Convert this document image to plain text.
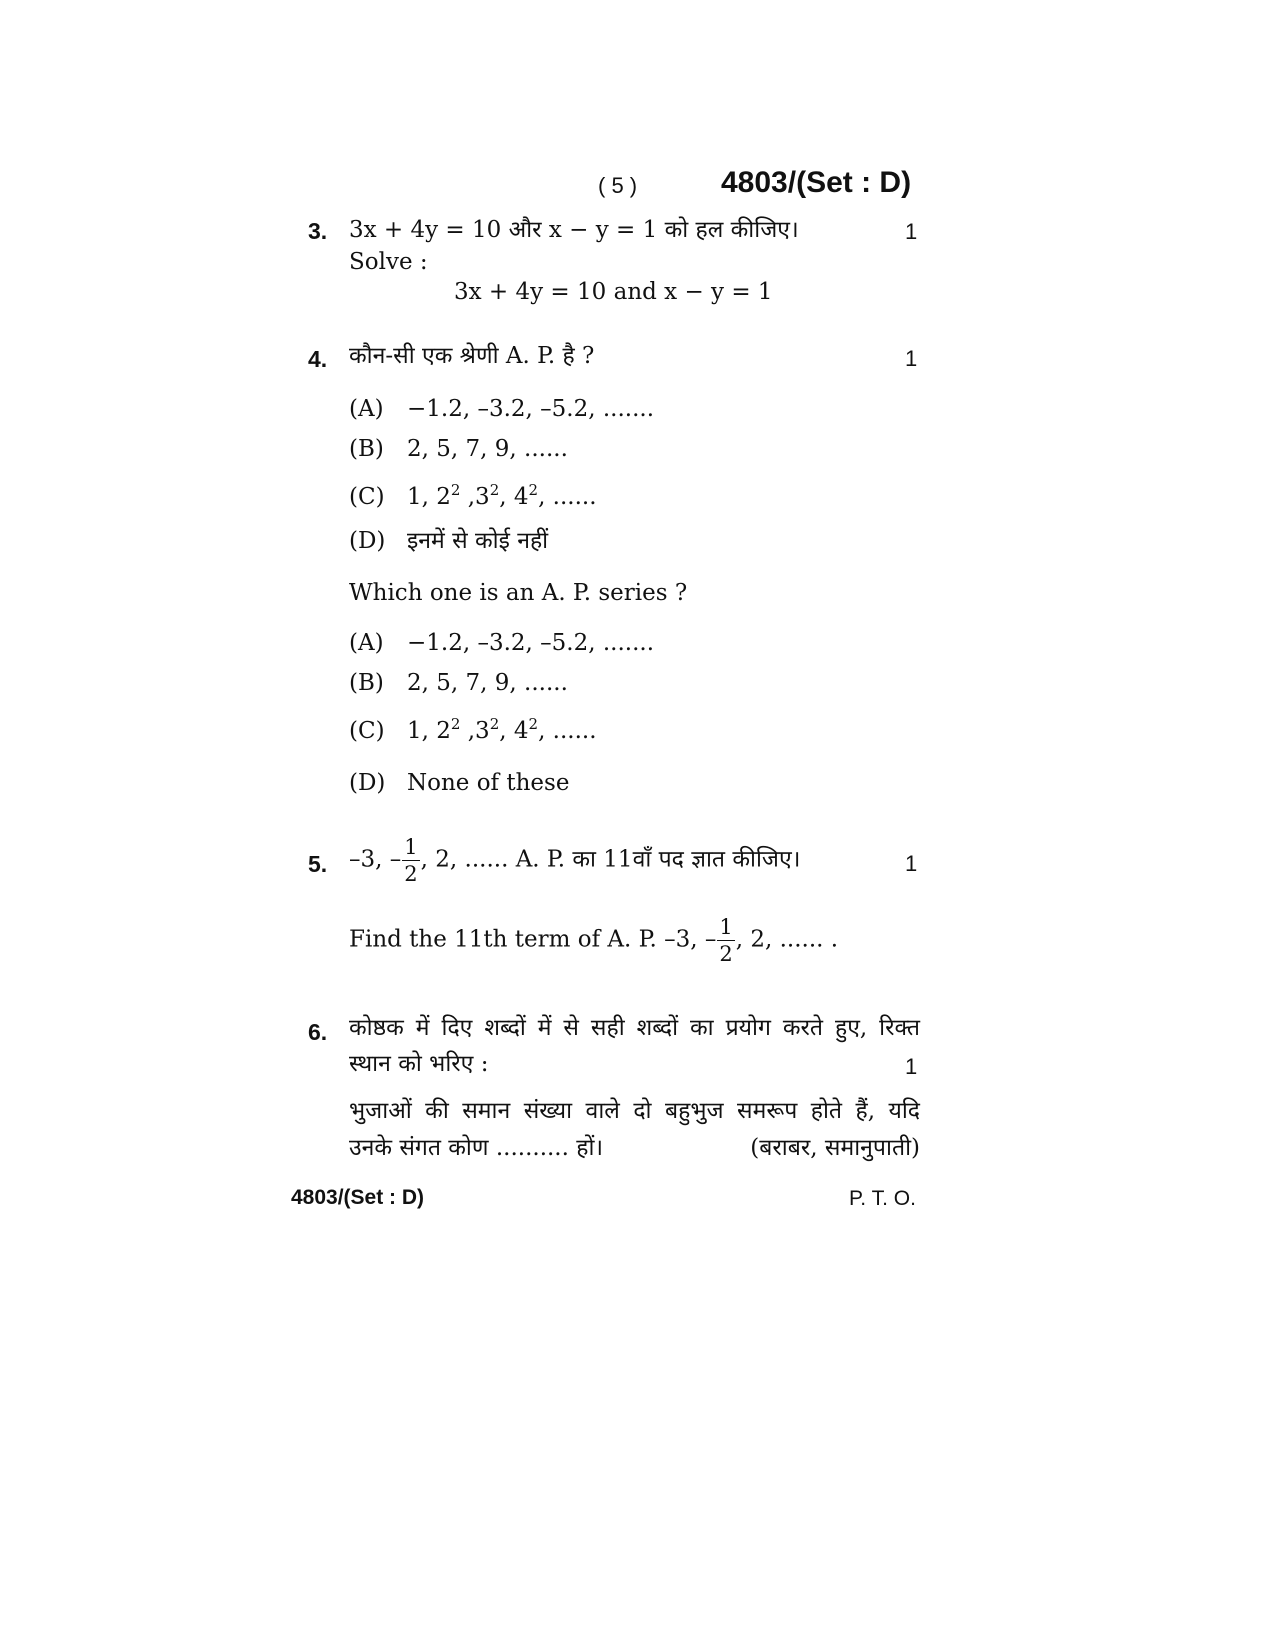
( 5 )	4803/(Set : D)
3. 3x + 4y = 10 और x − y = 1 को हल कीजिए।	1
Solve :
3x + 4y = 10 and x − y = 1
4. कौन-सी एक श्रेणी A. P. है ?	1
(A) −1.2, –3.2, –5.2, .......
(B) 2, 5, 7, 9, ......
(C) 1, $2^2$ $,3^2$, $4^2$, ......
(D) इनमें से कोई नहीं
Which one is an A. P. series ?
(A) −1.2, –3.2, –5.2, .......
(B) 2, 5, 7, 9, ......
(C) 1, $2^2$ $,3^2$, $4^2$, ......
(D) None of these
5. –3, – $\frac{1}{2}$ , 2, ...... A. P. का 11वाँ पद ज्ञात कीजिए।	1
Find the 11th term of A. P. –3, – $\frac{1}{2}$ , 2, ...... .
6. कोष्ठक में दिए शब्दों में से सही शब्दों का प्रयोग करते हुए, रिक्त
स्थान को भरिए :	1
भुजाओं की समान संख्या वाले दो बहुभुज समरूप होते हैं, यदि
उनके संगत कोण .......... हों।	(बराबर, समानुपाती)
4803/(Set : D)	P. T. O.
